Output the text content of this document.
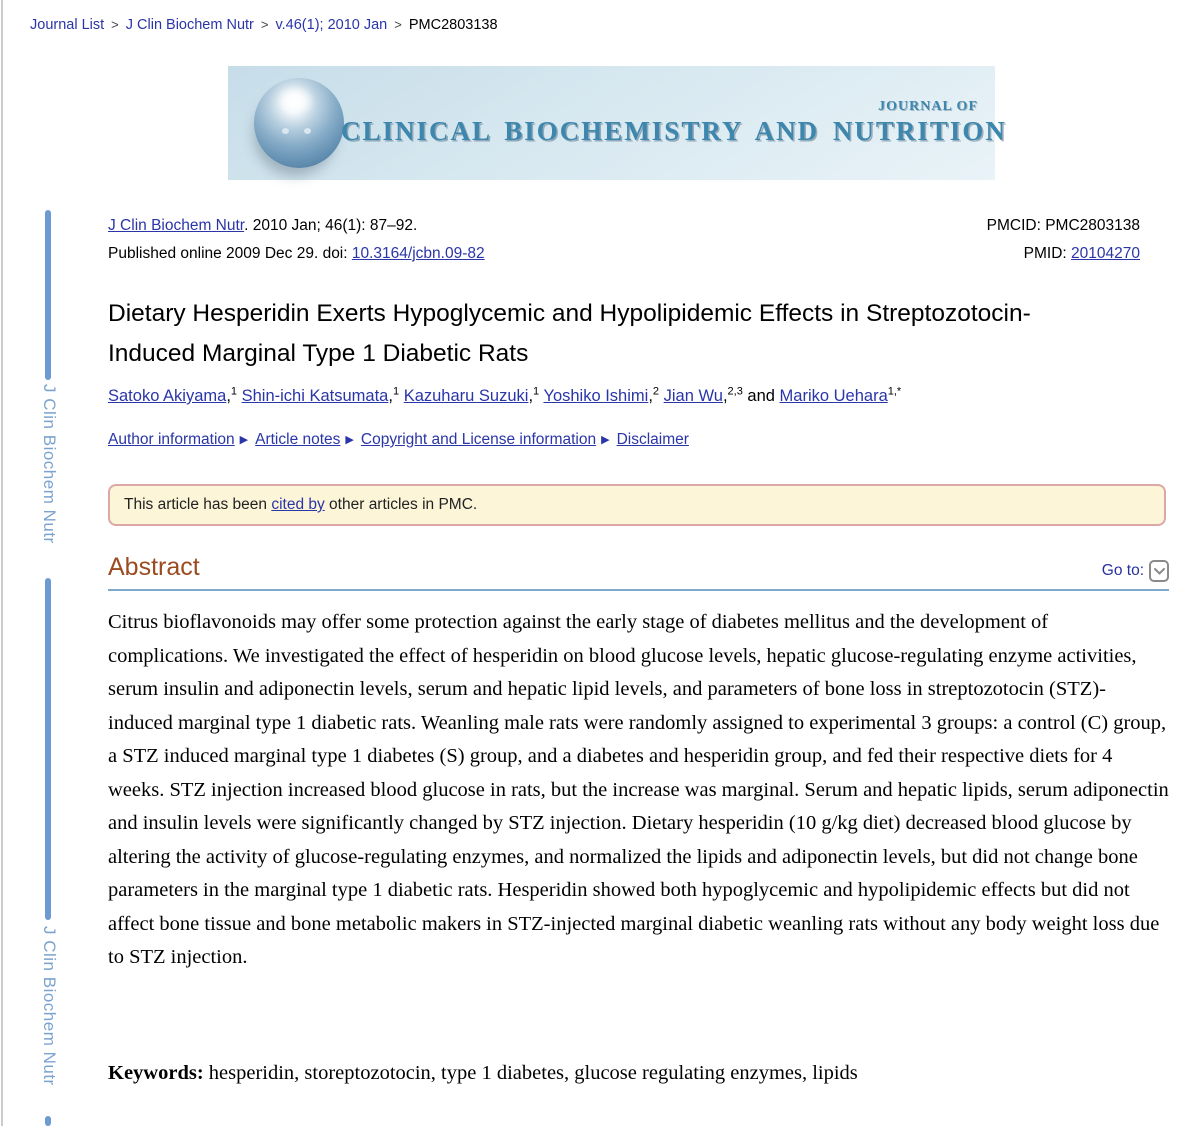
Journal List > J Clin Biochem Nutr > v.46(1); 2010 Jan > PMC2803138
JOURNAL OF
CLINICAL BIOCHEMISTRY AND NUTRITION
J Clin Biochem Nutr. 2010 Jan; 46(1): 87–92.
Published online 2009 Dec 29. doi: 10.3164/jcbn.09-82
PMCID: PMC2803138
PMID: 20104270
Dietary Hesperidin Exerts Hypoglycemic and Hypolipidemic Effects in Streptozotocin-Induced Marginal Type 1 Diabetic Rats
Satoko Akiyama,$^1$ Shin-ichi Katsumata,$^1$ Kazuharu Suzuki,$^1$ Yoshiko Ishimi,$^2$ Jian Wu,$^{2,3}$ and Mariko Uehara$^{1,*}$
Author information ▶ Article notes ▶ Copyright and License information ▶ Disclaimer
This article has been cited by other articles in PMC.
Abstract	Go to:

Citrus bioflavonoids may offer some protection against the early stage of diabetes mellitus and the development of complications. We investigated the effect of hesperidin on blood glucose levels, hepatic glucose-regulating enzyme activities, serum insulin and adiponectin levels, serum and hepatic lipid levels, and parameters of bone loss in streptozotocin (STZ)-induced marginal type 1 diabetic rats. Weanling male rats were randomly assigned to experimental 3 groups: a control (C) group, a STZ induced marginal type 1 diabetes (S) group, and a diabetes and hesperidin group, and fed their respective diets for 4 weeks. STZ injection increased blood glucose in rats, but the increase was marginal. Serum and hepatic lipids, serum adiponectin and insulin levels were significantly changed by STZ injection. Dietary hesperidin (10 g/kg diet) decreased blood glucose by altering the activity of glucose-regulating enzymes, and normalized the lipids and adiponectin levels, but did not change bone parameters in the marginal type 1 diabetic rats. Hesperidin showed both hypoglycemic and hypolipidemic effects but did not affect bone tissue and bone metabolic makers in STZ-injected marginal diabetic weanling rats without any body weight loss due to STZ injection.

Keywords: hesperidin, storeptozotocin, type 1 diabetes, glucose regulating enzymes, lipids

J Clin Biochem Nutr
J Clin Biochem Nutr
